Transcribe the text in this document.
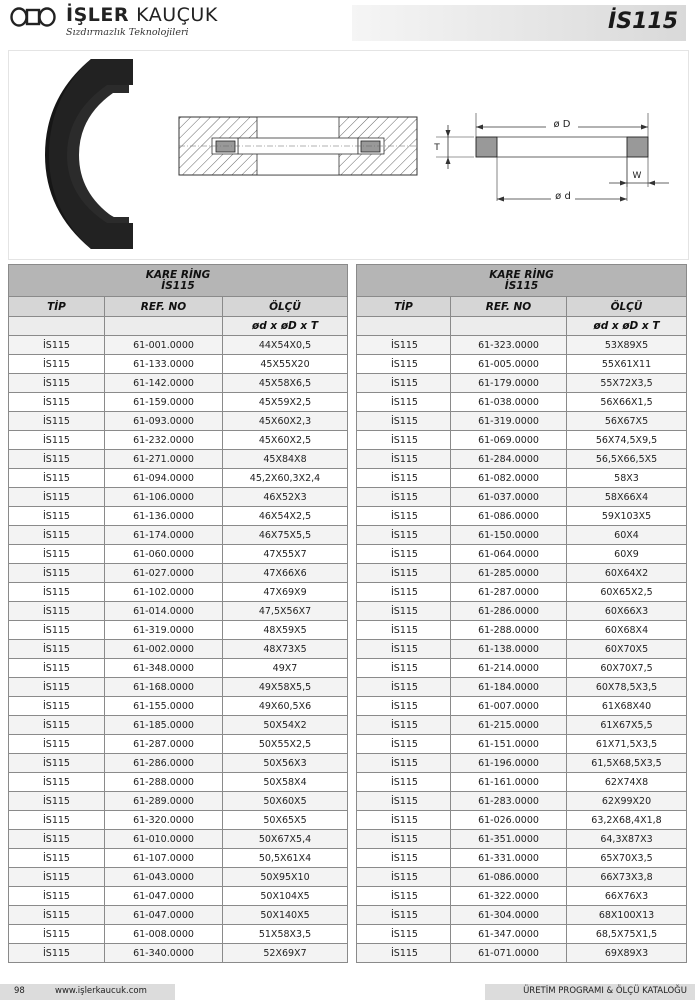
İŞLER KAUÇUK
Sızdırmazlık Teknolojileri	İS115
ø D
ø d
T
W
KARE RİNG
İS115		

TİP	REF. NO	ÖLÇÜ
		ød x øD x T
İS115	61-001.0000	44X54X0,5
İS115	61-133.0000	45X55X20
İS115	61-142.0000	45X58X6,5
İS115	61-159.0000	45X59X2,5
İS115	61-093.0000	45X60X2,3
İS115	61-232.0000	45X60X2,5
İS115	61-271.0000	45X84X8
İS115	61-094.0000	45,2X60,3X2,4
İS115	61-106.0000	46X52X3
İS115	61-136.0000	46X54X2,5
İS115	61-174.0000	46X75X5,5
İS115	61-060.0000	47X55X7
İS115	61-027.0000	47X66X6
İS115	61-102.0000	47X69X9
İS115	61-014.0000	47,5X56X7
İS115	61-319.0000	48X59X5
İS115	61-002.0000	48X73X5
İS115	61-348.0000	49X7
İS115	61-168.0000	49X58X5,5
İS115	61-155.0000	49X60,5X6
İS115	61-185.0000	50X54X2
İS115	61-287.0000	50X55X2,5
İS115	61-286.0000	50X56X3
İS115	61-288.0000	50X58X4
İS115	61-289.0000	50X60X5
İS115	61-320.0000	50X65X5
İS115	61-010.0000	50X67X5,4
İS115	61-107.0000	50,5X61X4
İS115	61-043.0000	50X95X10
İS115	61-047.0000	50X104X5
İS115	61-047.0000	50X140X5
İS115	61-008.0000	51X58X3,5
İS115	61-340.0000	52X69X7
KARE RİNG
İS115		

TİP	REF. NO	ÖLÇÜ
		ød x øD x T
İS115	61-323.0000	53X89X5
İS115	61-005.0000	55X61X11
İS115	61-179.0000	55X72X3,5
İS115	61-038.0000	56X66X1,5
İS115	61-319.0000	56X67X5
İS115	61-069.0000	56X74,5X9,5
İS115	61-284.0000	56,5X66,5X5
İS115	61-082.0000	58X3
İS115	61-037.0000	58X66X4
İS115	61-086.0000	59X103X5
İS115	61-150.0000	60X4
İS115	61-064.0000	60X9
İS115	61-285.0000	60X64X2
İS115	61-287.0000	60X65X2,5
İS115	61-286.0000	60X66X3
İS115	61-288.0000	60X68X4
İS115	61-138.0000	60X70X5
İS115	61-214.0000	60X70X7,5
İS115	61-184.0000	60X78,5X3,5
İS115	61-007.0000	61X68X40
İS115	61-215.0000	61X67X5,5
İS115	61-151.0000	61X71,5X3,5
İS115	61-196.0000	61,5X68,5X3,5
İS115	61-161.0000	62X74X8
İS115	61-283.0000	62X99X20
İS115	61-026.0000	63,2X68,4X1,8
İS115	61-351.0000	64,3X87X3
İS115	61-331.0000	65X70X3,5
İS115	61-086.0000	66X73X3,8
İS115	61-322.0000	66X76X3
İS115	61-304.0000	68X100X13
İS115	61-347.0000	68,5X75X1,5
İS115	61-071.0000	69X89X3
98	www.işlerkaucuk.com	ÜRETİM PROGRAMI & ÖLÇÜ KATALOĞU
